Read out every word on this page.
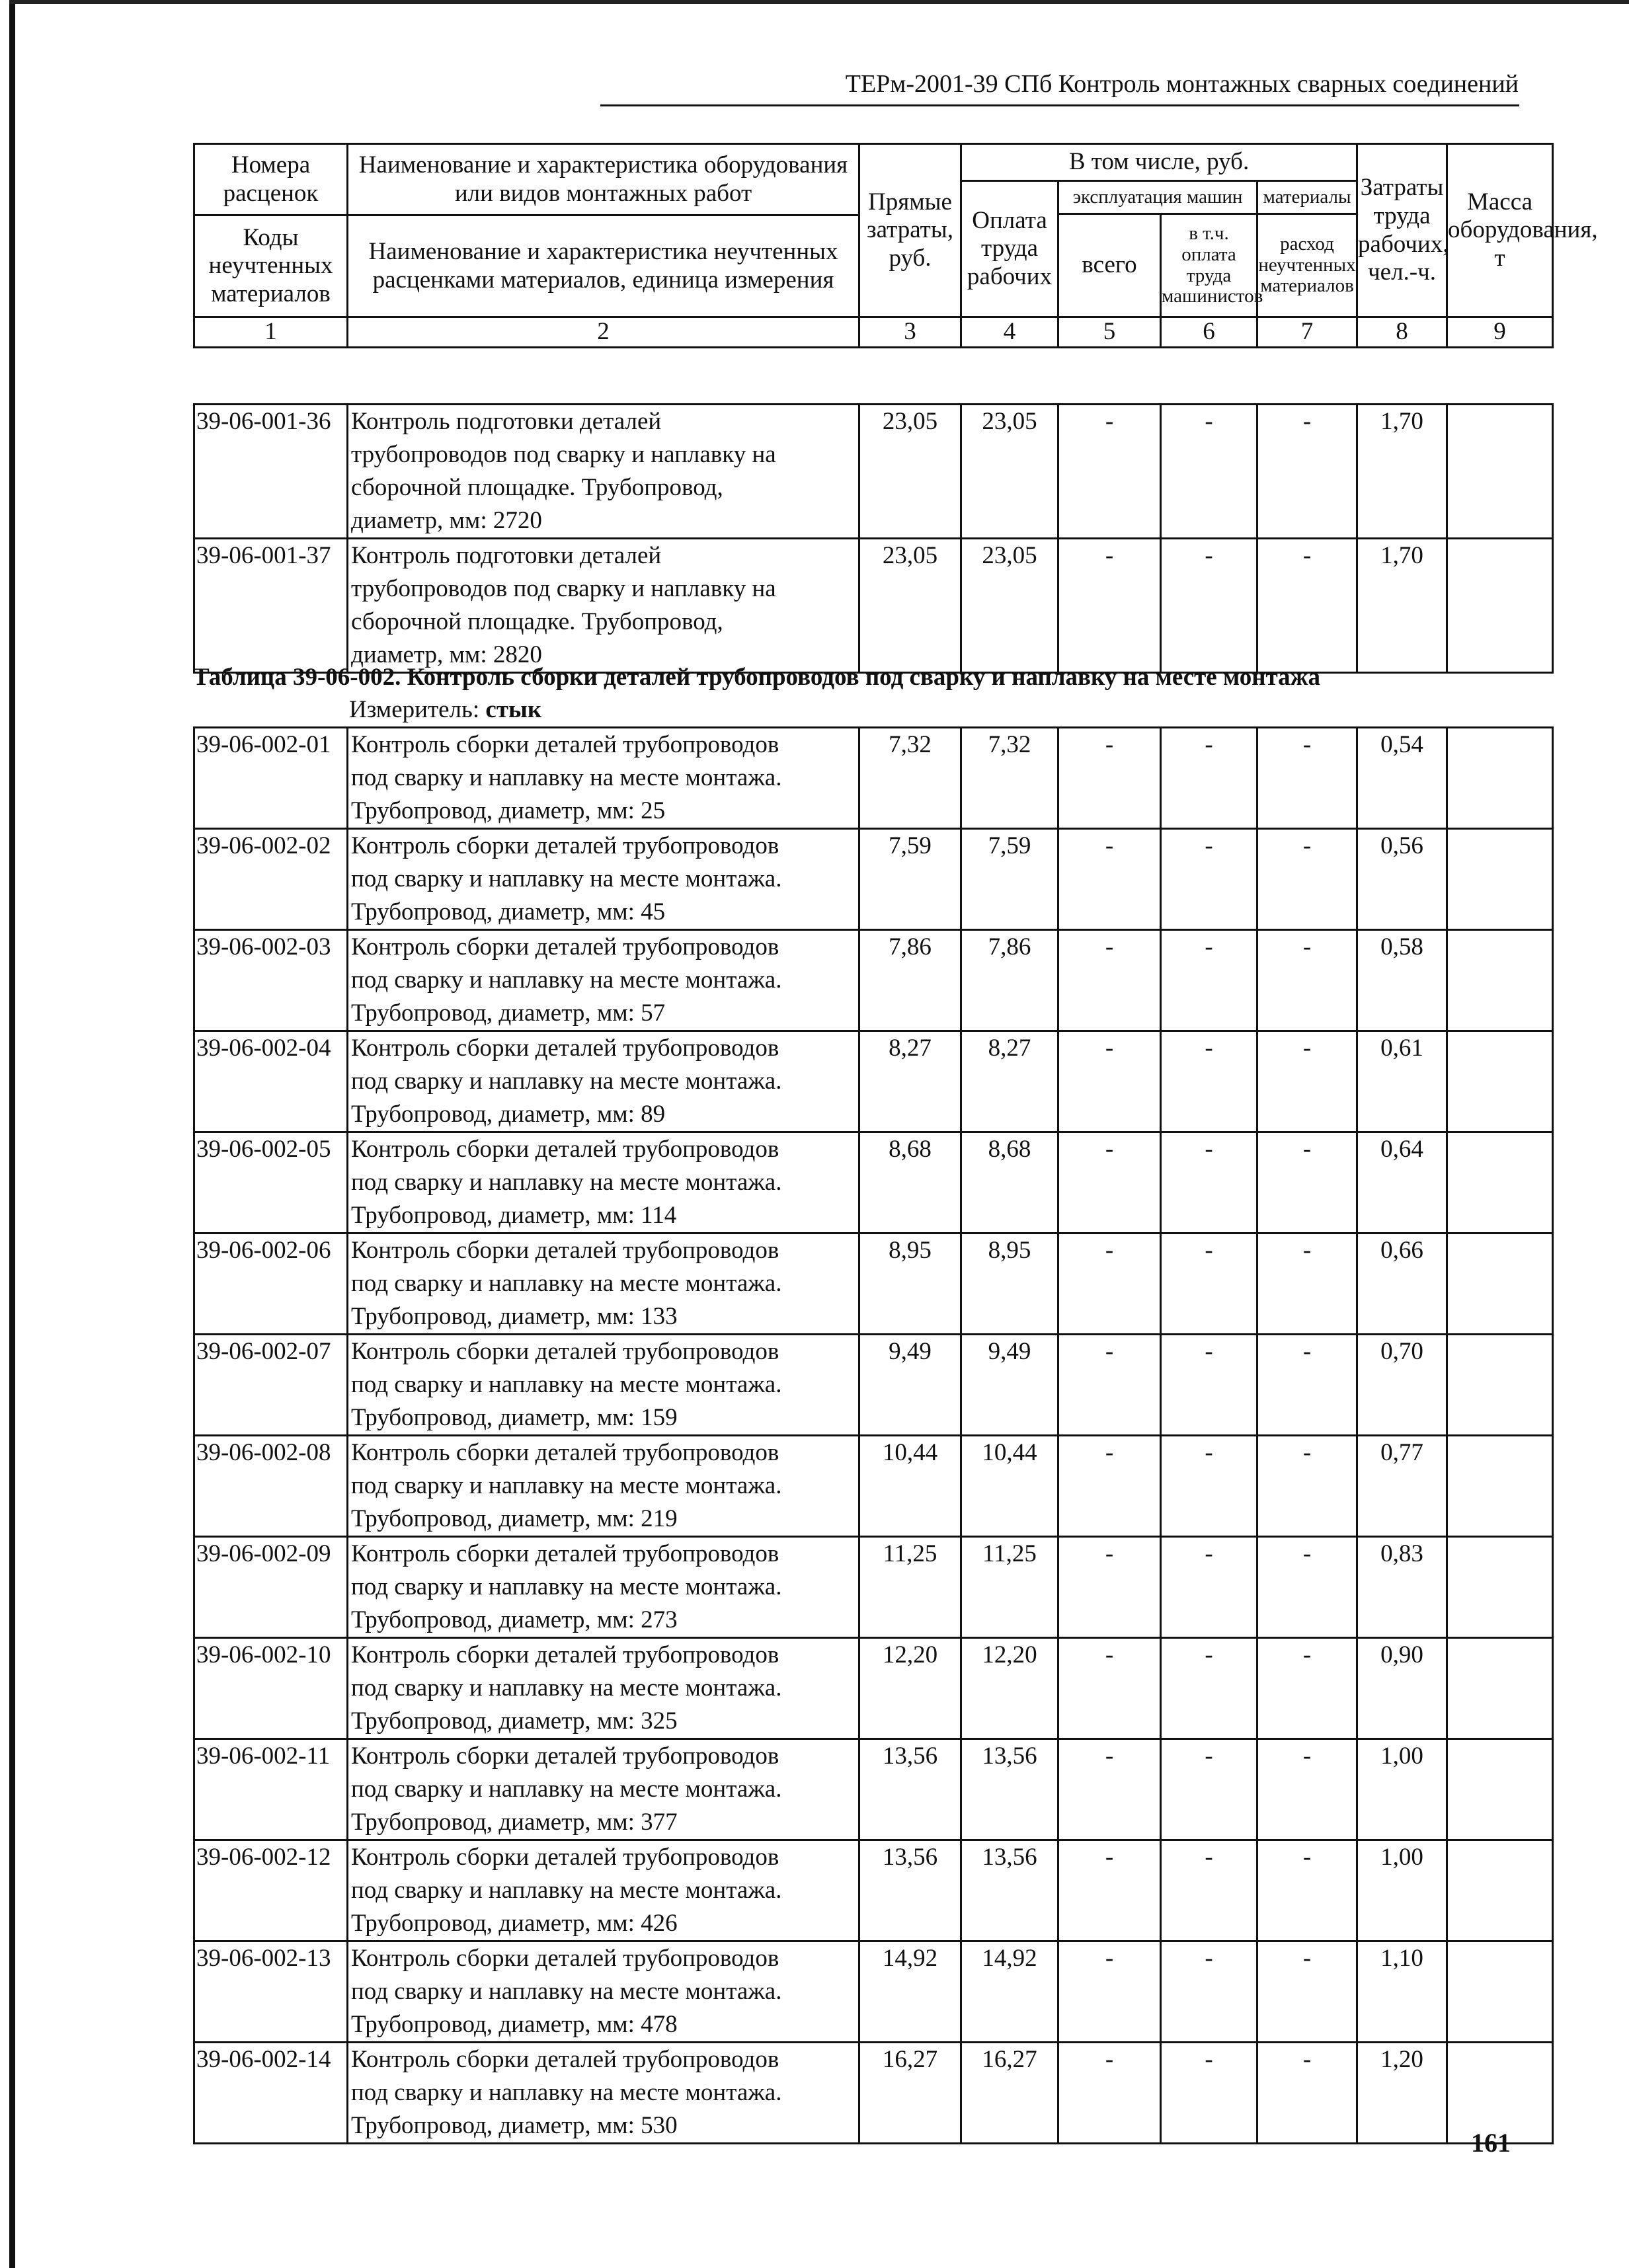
ТЕРм-2001-39 СПб Контроль монтажных сварных соединений
Номера расценок	Наименование и характеристика оборудования или видов монтажных работ	Прямые затраты, руб.	В том числе, руб.				Затраты труда рабочих, чел.-ч.	Масса оборудования, т
			Оплата труда рабочих	эксплуатация машин		материалы		
				всего	в т.ч. оплата труда машинистов	расход неучтенных материалов		
Коды неучтенных материалов	Наименование и характеристика неучтенных расценками материалов, единица измерения							

1	2	3	4	5	6	7	8	9
39-06-001-36	Контроль подготовки деталей
трубопроводов под сварку и наплавку на
сборочной площадке. Трубопровод,
диаметр, мм: 2720	23,05	23,05	-	-	-	1,70	
39-06-001-37	Контроль подготовки деталей
трубопроводов под сварку и наплавку на
сборочной площадке. Трубопровод,
диаметр, мм: 2820	23,05	23,05	-	-	-	1,70	
Таблица 39-06-002. Контроль сборки деталей трубопроводов под сварку и наплавку на месте монтажа
Измеритель: стык
39-06-002-01	Контроль сборки деталей трубопроводов
под сварку и наплавку на месте монтажа.
Трубопровод, диаметр, мм: 25	7,32	7,32	-	-	-	0,54	
39-06-002-02	Контроль сборки деталей трубопроводов
под сварку и наплавку на месте монтажа.
Трубопровод, диаметр, мм: 45	7,59	7,59	-	-	-	0,56	
39-06-002-03	Контроль сборки деталей трубопроводов
под сварку и наплавку на месте монтажа.
Трубопровод, диаметр, мм: 57	7,86	7,86	-	-	-	0,58	
39-06-002-04	Контроль сборки деталей трубопроводов
под сварку и наплавку на месте монтажа.
Трубопровод, диаметр, мм: 89	8,27	8,27	-	-	-	0,61	
39-06-002-05	Контроль сборки деталей трубопроводов
под сварку и наплавку на месте монтажа.
Трубопровод, диаметр, мм: 114	8,68	8,68	-	-	-	0,64	
39-06-002-06	Контроль сборки деталей трубопроводов
под сварку и наплавку на месте монтажа.
Трубопровод, диаметр, мм: 133	8,95	8,95	-	-	-	0,66	
39-06-002-07	Контроль сборки деталей трубопроводов
под сварку и наплавку на месте монтажа.
Трубопровод, диаметр, мм: 159	9,49	9,49	-	-	-	0,70	
39-06-002-08	Контроль сборки деталей трубопроводов
под сварку и наплавку на месте монтажа.
Трубопровод, диаметр, мм: 219	10,44	10,44	-	-	-	0,77	
39-06-002-09	Контроль сборки деталей трубопроводов
под сварку и наплавку на месте монтажа.
Трубопровод, диаметр, мм: 273	11,25	11,25	-	-	-	0,83	
39-06-002-10	Контроль сборки деталей трубопроводов
под сварку и наплавку на месте монтажа.
Трубопровод, диаметр, мм: 325	12,20	12,20	-	-	-	0,90	
39-06-002-11	Контроль сборки деталей трубопроводов
под сварку и наплавку на месте монтажа.
Трубопровод, диаметр, мм: 377	13,56	13,56	-	-	-	1,00	
39-06-002-12	Контроль сборки деталей трубопроводов
под сварку и наплавку на месте монтажа.
Трубопровод, диаметр, мм: 426	13,56	13,56	-	-	-	1,00	
39-06-002-13	Контроль сборки деталей трубопроводов
под сварку и наплавку на месте монтажа.
Трубопровод, диаметр, мм: 478	14,92	14,92	-	-	-	1,10	
39-06-002-14	Контроль сборки деталей трубопроводов
под сварку и наплавку на месте монтажа.
Трубопровод, диаметр, мм: 530	16,27	16,27	-	-	-	1,20	
161
